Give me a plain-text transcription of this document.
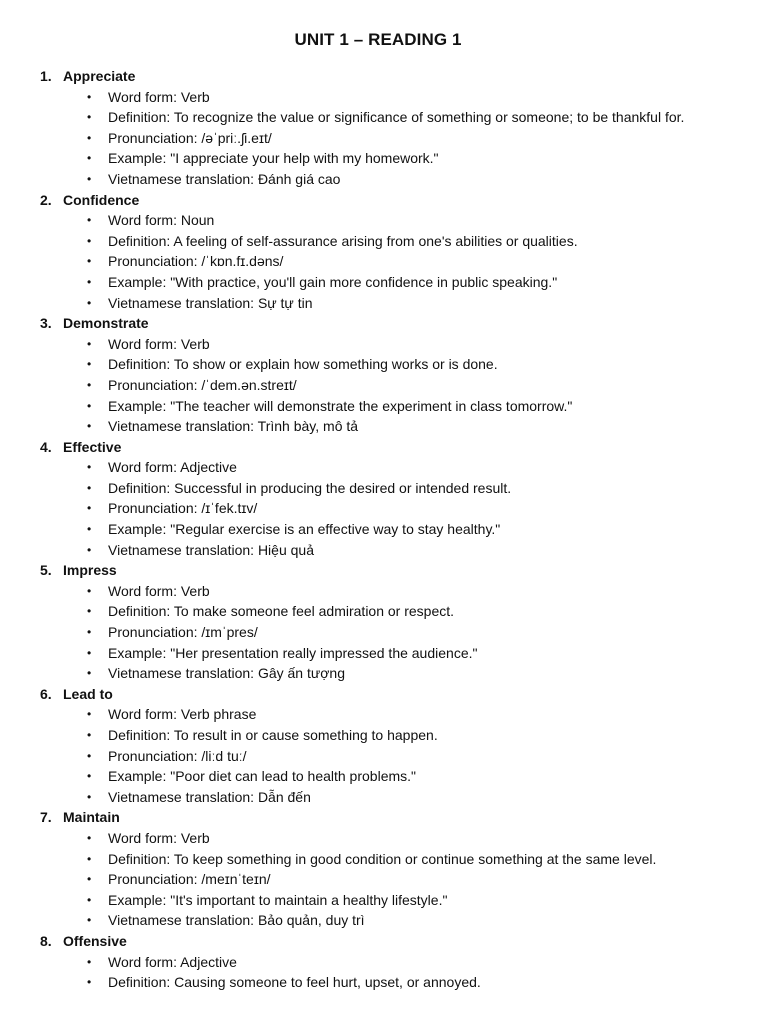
UNIT 1 – READING 1
1. Appreciate
• Word form: Verb
• Definition: To recognize the value or significance of something or someone; to be thankful for.
• Pronunciation: /əˈpriː.ʃi.eɪt/
• Example: "I appreciate your help with my homework."
• Vietnamese translation: Đánh giá cao
2. Confidence
• Word form: Noun
• Definition: A feeling of self-assurance arising from one's abilities or qualities.
• Pronunciation: /ˈkɒn.fɪ.dəns/
• Example: "With practice, you'll gain more confidence in public speaking."
• Vietnamese translation: Sự tự tin
3. Demonstrate
• Word form: Verb
• Definition: To show or explain how something works or is done.
• Pronunciation: /ˈdem.ən.streɪt/
• Example: "The teacher will demonstrate the experiment in class tomorrow."
• Vietnamese translation: Trình bày, mô tả
4. Effective
• Word form: Adjective
• Definition: Successful in producing the desired or intended result.
• Pronunciation: /ɪˈfek.tɪv/
• Example: "Regular exercise is an effective way to stay healthy."
• Vietnamese translation: Hiệu quả
5. Impress
• Word form: Verb
• Definition: To make someone feel admiration or respect.
• Pronunciation: /ɪmˈpres/
• Example: "Her presentation really impressed the audience."
• Vietnamese translation: Gây ấn tượng
6. Lead to
• Word form: Verb phrase
• Definition: To result in or cause something to happen.
• Pronunciation: /liːd tuː/
• Example: "Poor diet can lead to health problems."
• Vietnamese translation: Dẫn đến
7. Maintain
• Word form: Verb
• Definition: To keep something in good condition or continue something at the same level.
• Pronunciation: /meɪnˈteɪn/
• Example: "It's important to maintain a healthy lifestyle."
• Vietnamese translation: Bảo quản, duy trì
8. Offensive
• Word form: Adjective
• Definition: Causing someone to feel hurt, upset, or annoyed.
